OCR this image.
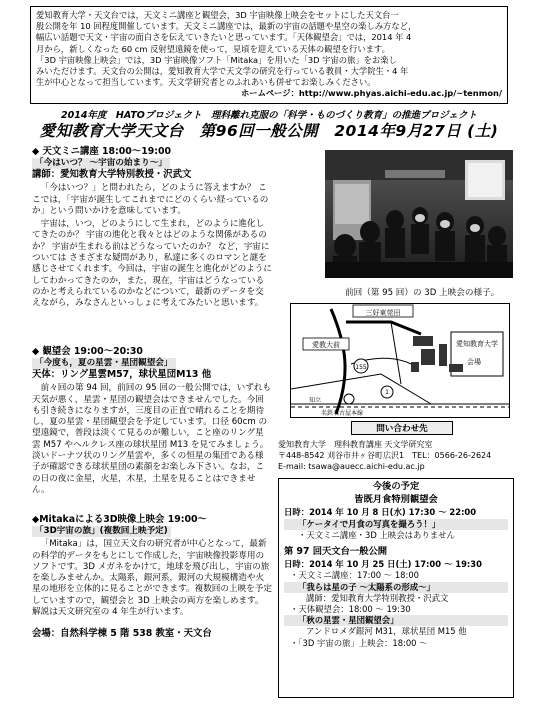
愛知教育大学・天文台では，天文ミニ講座と観望会，3D 宇宙映像上映会をセットにした天文台一

般公開を年 10 回程度開催しています。天文ミニ講座では，最新の宇宙の話題や星空の楽しみ方など，

幅広い話題で天文・宇宙の面白さを伝えていきたいと思っています。「天体観望会」では，2014 年 4

月から，新しくなった 60 cm 反射望遠鏡を使って，見頃を迎えている天体の観望を行います。

「3D 宇宙映像上映会」では，3D 宇宙映像ソフト「Mitaka」を用いた「3D 宇宙の旅」をお楽し

みいただけます。天文台の公開は，愛知教育大学で天文学の研究を行っている教員・大学院生・4 年

生が中心となって担当しています。天文学研究者とのふれあいも併せてお楽しみください。

ホームページ：http://www.phyas.aichi-edu.ac.jp/~tenmon/

2014年度　HATOプロジェクト　理科離れ克服の「科学・ものづくり教育」の推進プロジェクト
愛知教育大学天文台　第96回一般公開　2014年9月27日 (土)
◆ 天文ミニ講座 18:00～19:00
「今はいつ？ ～宇宙の始まり～」
講師：愛知教育大学特別教授・沢武文

「今はいつ？」と問われたら，どのように答えますか？ ここでは，「宇宙が誕生してこれまでにどのくらい経っているのか」という問いかけを意味しています。

宇宙は，いつ，どのようにして生まれ，どのように進化してきたのか？ 宇宙の進化と我々とはどのような関係があるのか？ 宇宙が生まれる前はどうなっていたのか？ など，宇宙については さまざまな疑問があり，私達に多くのロマンと謎を感じさせてくれます。今回は，宇宙の誕生と進化がどのようにしてわかってきたのか，また，現在，宇宙はどうなっているのかと考えられているのかなどについて，最新のデータを交えながら，みなさんといっしょに考えてみたいと思います。

◆ 観望会 19:00～20:30
「今度も，夏の星雲・星団観望会」
天体：リング星雲M57，球状星団M13 他

前々回の第 94 回，前回の 95 回の一般公開では，いずれも天気が悪く，星雲・星団の観望会はできませんでした。今回も引き続きになりますが，三度目の正直で晴れることを期待し，夏の星雲・星団観望会を予定しています。口径 60cm の望遠鏡で，普段は淡くて見るのが難しい，こと座のリング星雲 M57 やヘルクレス座の球状星団 M13 を見てみましょう。淡いドーナツ状のリング星雲や，多くの恒星の集団である様子が確認できる球状星団の素顔をお楽しみ下さい。なお，この日の夜に金星，火星，木星，土星を見ることはできません。

◆Mitakaによる3D映像上映会 19:00～
「3D宇宙の旅」(複数回上映予定)

「Mitaka」は，国立天文台の研究者が中心となって，最新の科学的データをもとにして作成した，宇宙映像投影専用のソフトです。3D メガネをかけて，地球を飛び出し，宇宙の旅を楽しみませんか。太陽系，銀河系，銀河の大規模構造や火星の地形を立体的に見ることができます。複数回の上映を予定していますので，観望会と 3D 上映会の両方を楽しめます。解説は天文研究室の 4 年生が行います。

会場：自然科学棟 5 階 538 教室・天文台
前回（第 95 回）の 3D 上映会の様子。
三好東莞田
愛教大前	愛知教育大学
会場
155
1
知立
名鉄名古屋本線
問い合わせ先
愛知教育大学　理科教育講座 天文学研究室
〒448-8542 刈谷市井ヶ谷町広沢1　TEL：0566-26-2624
E-mail: tsawa@auecc.aichi-edu.ac.jp
今後の予定
皆既月食特別観望会
日時：2014 年 10 月 8 日(水) 17:30 ～ 22:00
「ケータイで月食の写真を撮ろう！」
・天文ミニ講座・3D 上映会はありません
第 97 回天文台一般公開
日時：2014 年 10 月 25 日(土) 17:00 ～ 19:30
・天文ミニ講座：17:00 ～ 18:00
「我らは星の子 ～太陽系の形成～」
講師：愛知教育大学特別教授・沢武文
・天体観望会：18:00 ～ 19:30
「秋の星雲・星団観望会」
アンドロメダ銀河 M31，球状星団 M15 他
・「3D 宇宙の旅」上映会：18:00 ～
